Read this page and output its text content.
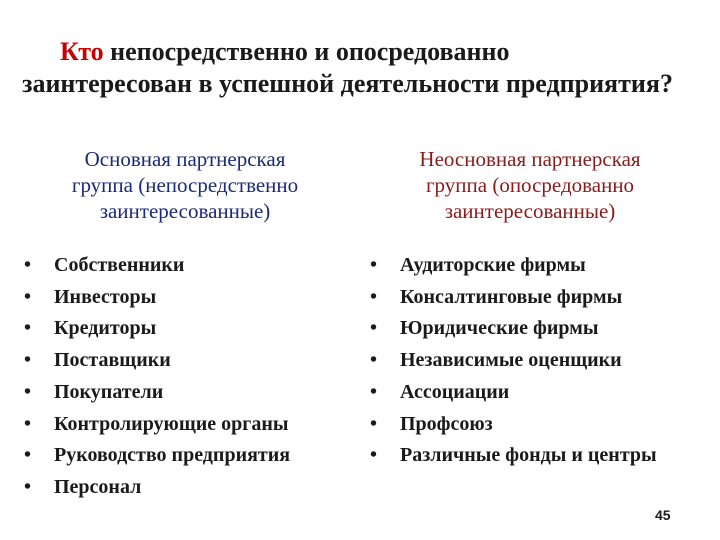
Кто непосредственно и опосредованно заинтересован в успешной деятельности предприятия?
Основная партнерская
группа (непосредственно
заинтересованные)
Неосновная партнерская
группа (опосредованно
заинтересованные)
•	Собственники
•	Инвесторы
•	Кредиторы
•	Поставщики
•	Покупатели
•	Контролирующие органы
•	Руководство предприятия
•	Персонал
•	Аудиторские фирмы
•	Консалтинговые фирмы
•	Юридические фирмы
•	Независимые оценщики
•	Ассоциации
•	Профсоюз
•	Различные фонды и центры
45
